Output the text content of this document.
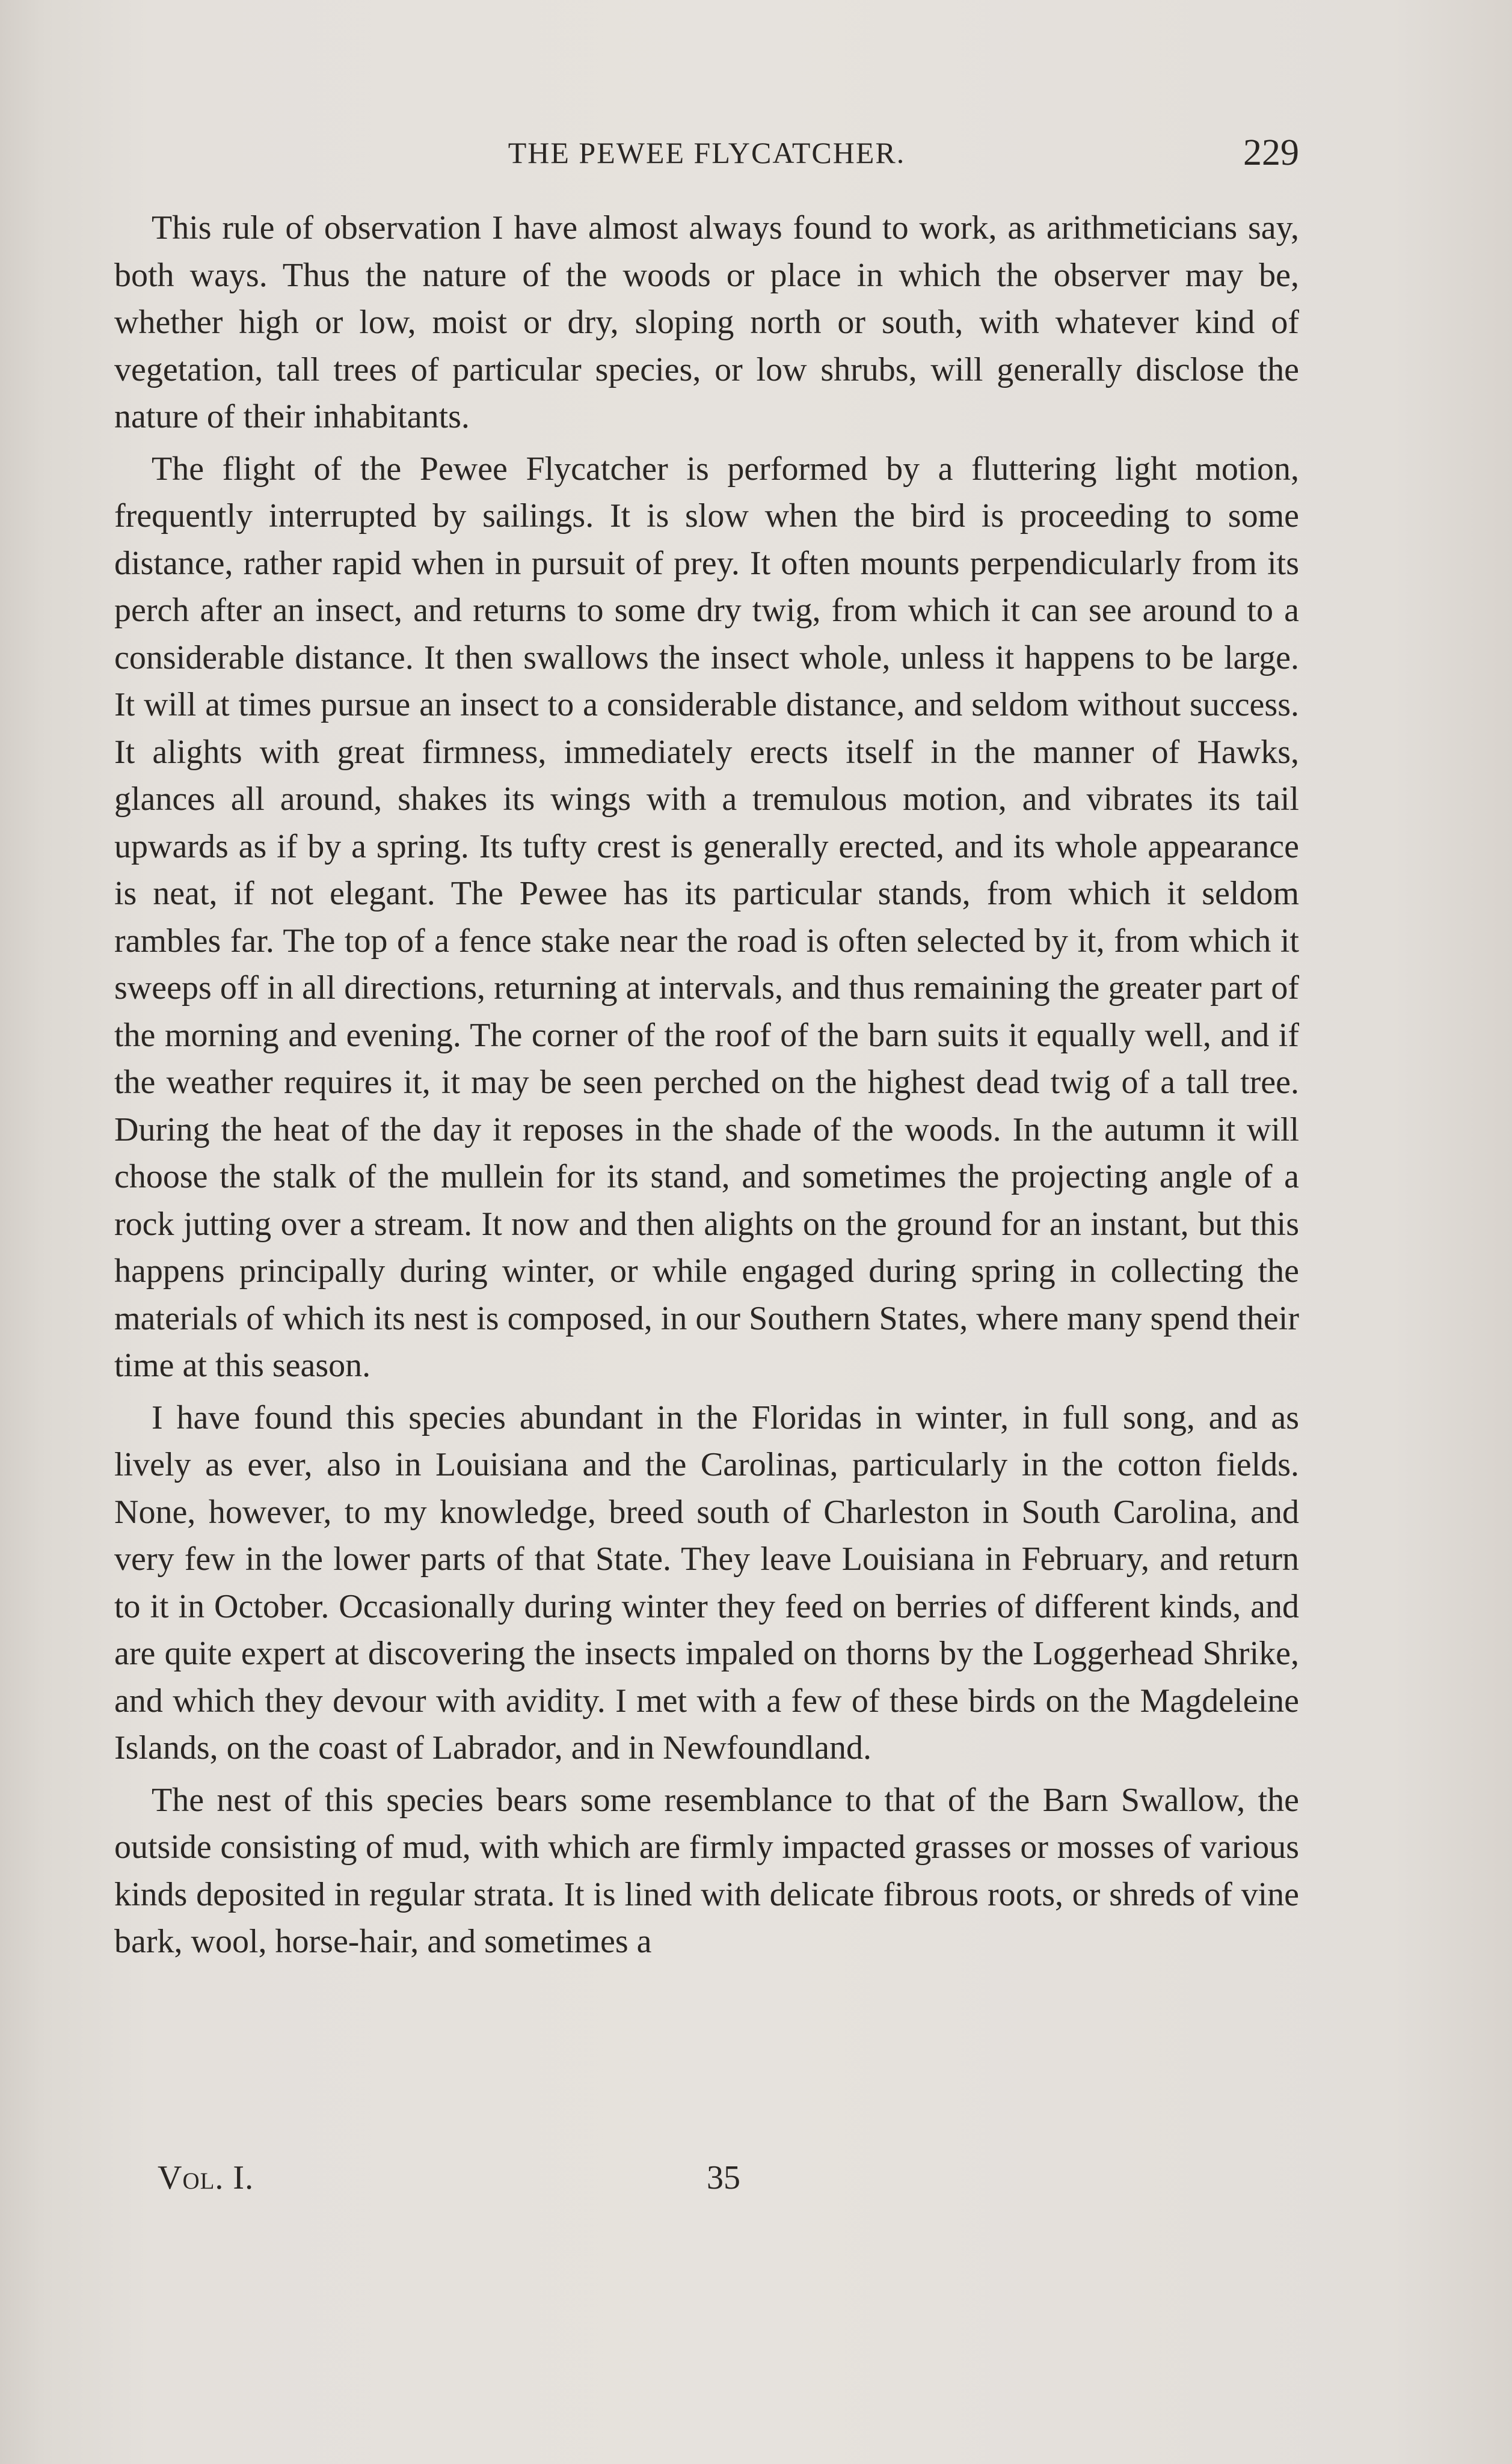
THE PEWEE FLYCATCHER.	229

This rule of observation I have almost always found to work, as arithmeticians say, both ways. Thus the nature of the woods or place in which the observer may be, whether high or low, moist or dry, sloping north or south, with whatever kind of vegetation, tall trees of particular species, or low shrubs, will generally disclose the nature of their inhabitants.

The flight of the Pewee Flycatcher is performed by a fluttering light motion, frequently interrupted by sailings. It is slow when the bird is proceeding to some distance, rather rapid when in pursuit of prey. It often mounts perpendicularly from its perch after an insect, and returns to some dry twig, from which it can see around to a considerable distance. It then swallows the insect whole, unless it happens to be large. It will at times pursue an insect to a considerable distance, and seldom without success. It alights with great firmness, immediately erects itself in the manner of Hawks, glances all around, shakes its wings with a tremulous motion, and vibrates its tail upwards as if by a spring. Its tufty crest is generally erected, and its whole appearance is neat, if not elegant. The Pewee has its particular stands, from which it seldom rambles far. The top of a fence stake near the road is often selected by it, from which it sweeps off in all directions, returning at intervals, and thus remaining the greater part of the morning and evening. The corner of the roof of the barn suits it equally well, and if the weather requires it, it may be seen perched on the highest dead twig of a tall tree. During the heat of the day it reposes in the shade of the woods. In the autumn it will choose the stalk of the mullein for its stand, and sometimes the projecting angle of a rock jutting over a stream. It now and then alights on the ground for an instant, but this happens principally during winter, or while engaged during spring in collecting the materials of which its nest is composed, in our Southern States, where many spend their time at this season.

I have found this species abundant in the Floridas in winter, in full song, and as lively as ever, also in Louisiana and the Carolinas, particularly in the cotton fields. None, however, to my knowledge, breed south of Charleston in South Carolina, and very few in the lower parts of that State. They leave Louisiana in February, and return to it in October. Occasionally during winter they feed on berries of different kinds, and are quite expert at discovering the insects impaled on thorns by the Loggerhead Shrike, and which they devour with avidity. I met with a few of these birds on the Magdeleine Islands, on the coast of Labrador, and in Newfoundland.

The nest of this species bears some resemblance to that of the Barn Swallow, the outside consisting of mud, with which are firmly impacted grasses or mosses of various kinds deposited in regular strata. It is lined with delicate fibrous roots, or shreds of vine bark, wool, horse-hair, and sometimes a

Vol. I.	35
